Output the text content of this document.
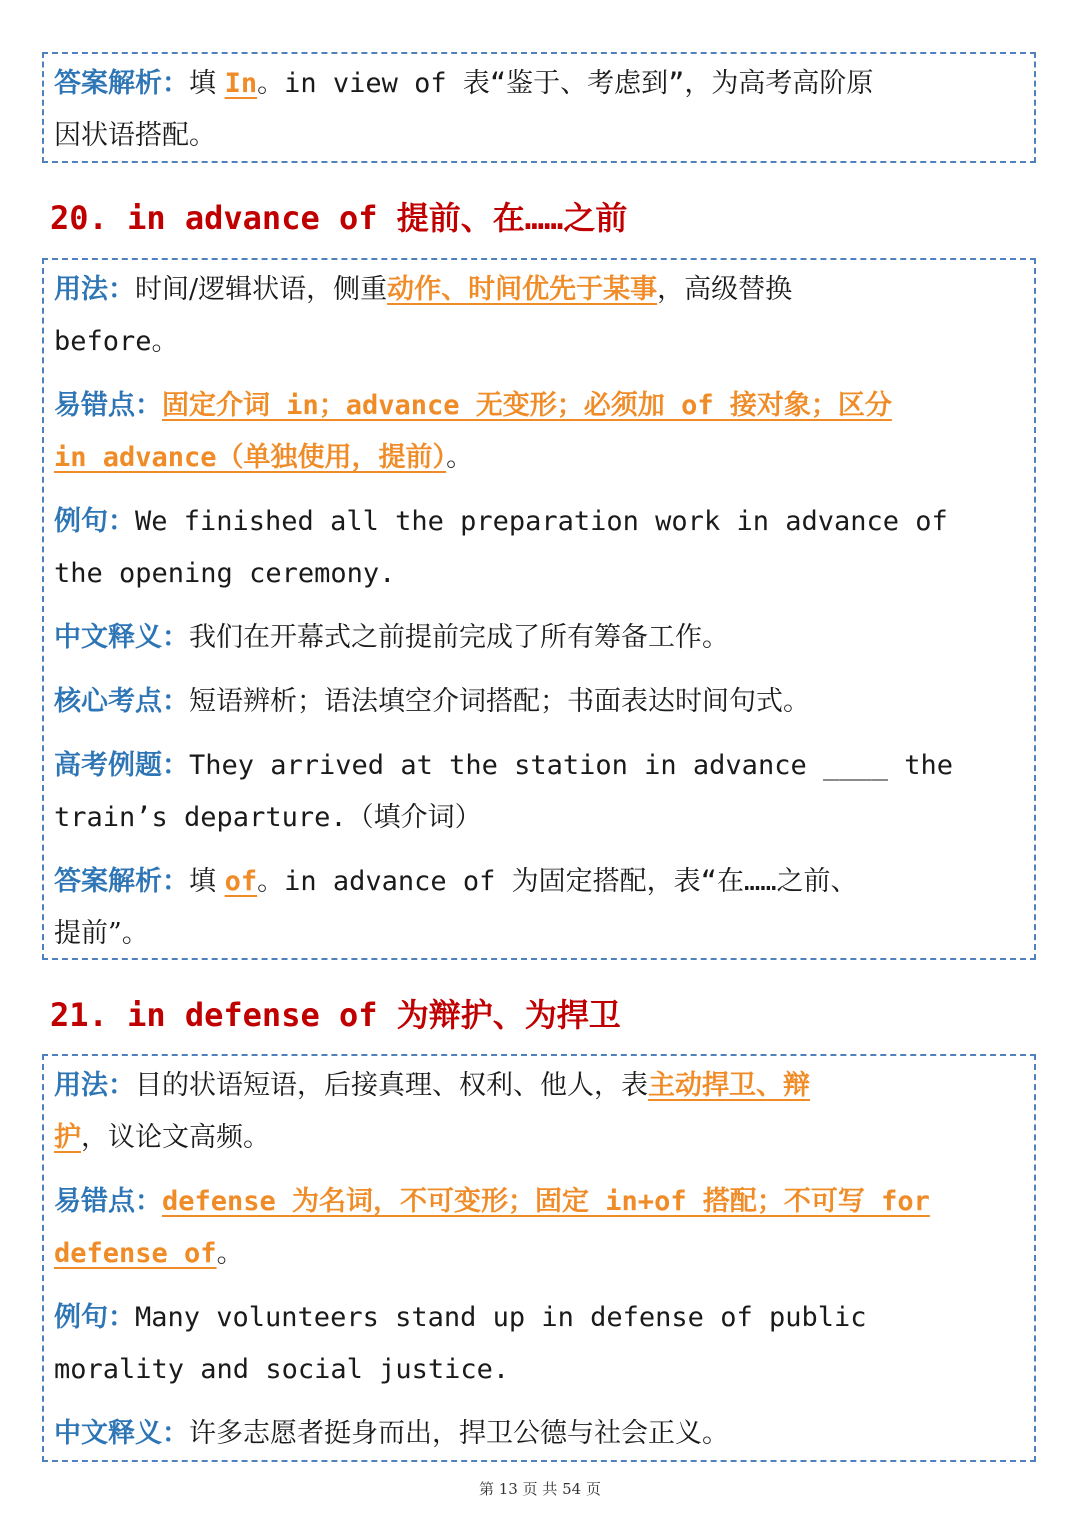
答案解析：填 In。in view of 表“鉴于、考虑到”，为高考高阶原
因状语搭配。
20. in advance of 提前、在……之前
用法：时间/逻辑状语，侧重动作、时间优先于某事，高级替换
before。
易错点：固定介词 in；advance 无变形；必须加 of 接对象；区分
in advance（单独使用，提前）。
例句：We finished all the preparation work in advance of
the opening ceremony.
中文释义：我们在开幕式之前提前完成了所有筹备工作。
核心考点：短语辨析；语法填空介词搭配；书面表达时间句式。
高考例题：They arrived at the station in advance ____ the
train’s departure.（填介词）
答案解析：填 of。in advance of 为固定搭配，表“在……之前、
提前”。
21. in defense of 为辩护、为捍卫
用法：目的状语短语，后接真理、权利、他人，表主动捍卫、辩
护，议论文高频。
易错点：defense 为名词，不可变形；固定 in+of 搭配；不可写 for
defense of。
例句：Many volunteers stand up in defense of public
morality and social justice.
中文释义：许多志愿者挺身而出，捍卫公德与社会正义。
第 13 页 共 54 页
